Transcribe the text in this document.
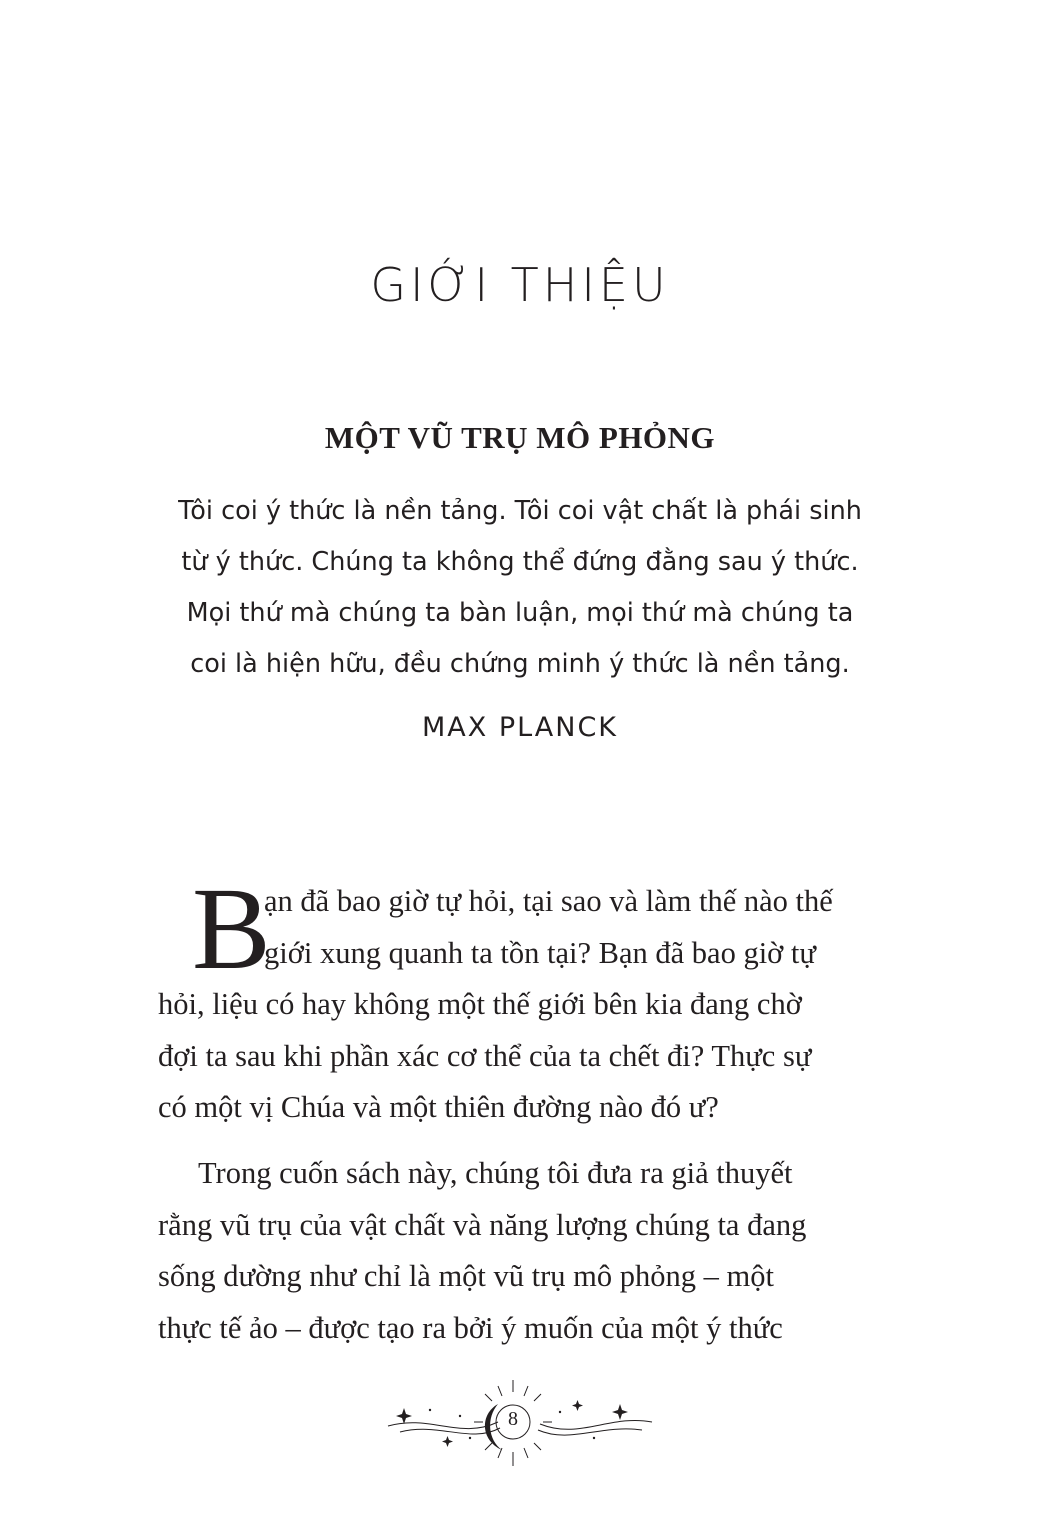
GIỚI THIỆU
MỘT VŨ TRỤ MÔ PHỎNG
Tôi coi ý thức là nền tảng. Tôi coi vật chất là phái sinh
từ ý thức. Chúng ta không thể đứng đằng sau ý thức.
Mọi thứ mà chúng ta bàn luận, mọi thứ mà chúng ta
coi là hiện hữu, đều chứng minh ý thức là nền tảng.
MAX PLANCK
B
ạn đã bao giờ tự hỏi, tại sao và làm thế nào thế
giới xung quanh ta tồn tại? Bạn đã bao giờ tự
hỏi, liệu có hay không một thế giới bên kia đang chờ
đợi ta sau khi phần xác cơ thể của ta chết đi? Thực sự
có một vị Chúa và một thiên đường nào đó ư?
Trong cuốn sách này, chúng tôi đưa ra giả thuyết
rằng vũ trụ của vật chất và năng lượng chúng ta đang
sống dường như chỉ là một vũ trụ mô phỏng – một
thực tế ảo – được tạo ra bởi ý muốn của một ý thức
8
